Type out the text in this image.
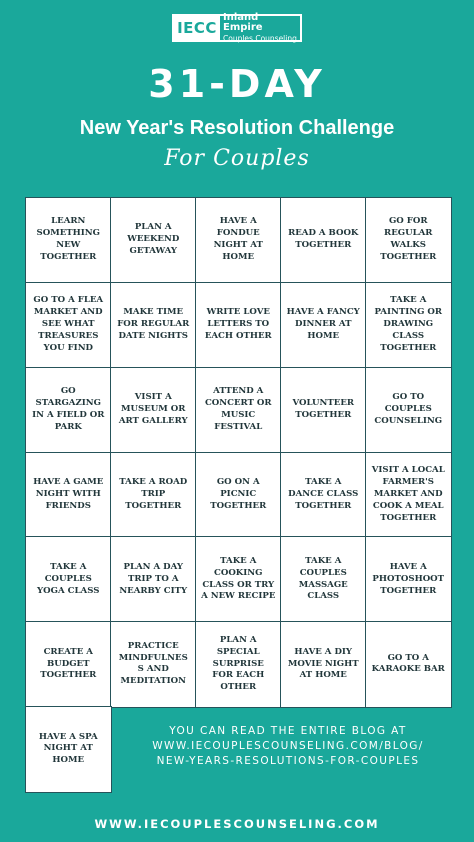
IECC
Inland Empire
Couples Counseling
31-DAY
New Year's Resolution Challenge
For Couples
LEARN SOMETHING NEW TOGETHER
PLAN A WEEKEND GETAWAY
HAVE A FONDUE NIGHT AT HOME
READ A BOOK TOGETHER
GO FOR REGULAR WALKS TOGETHER
GO TO A FLEA MARKET AND SEE WHAT TREASURES YOU FIND
MAKE TIME FOR REGULAR DATE NIGHTS
WRITE LOVE LETTERS TO EACH OTHER
HAVE A FANCY DINNER AT HOME
TAKE A PAINTING OR DRAWING CLASS TOGETHER
GO STARGAZING IN A FIELD OR PARK
VISIT A MUSEUM OR ART GALLERY
ATTEND A CONCERT OR MUSIC FESTIVAL
VOLUNTEER TOGETHER
GO TO COUPLES COUNSELING
HAVE A GAME NIGHT WITH FRIENDS
TAKE A ROAD TRIP TOGETHER
GO ON A PICNIC TOGETHER
TAKE A DANCE CLASS TOGETHER
VISIT A LOCAL FARMER'S MARKET AND COOK A MEAL TOGETHER
TAKE A COUPLES YOGA CLASS
PLAN A DAY TRIP TO A NEARBY CITY
TAKE A COOKING CLASS OR TRY A NEW RECIPE
TAKE A COUPLES MASSAGE CLASS
HAVE A PHOTOSHOOT TOGETHER
CREATE A BUDGET TOGETHER
PRACTICE MINDFULNESS AND MEDITATION
PLAN A SPECIAL SURPRISE FOR EACH OTHER
HAVE A DIY MOVIE NIGHT AT HOME
GO TO A KARAOKE BAR
HAVE A SPA NIGHT AT HOME
YOU CAN READ THE ENTIRE BLOG AT
WWW.IECOUPLESCOUNSELING.COM/BLOG/
NEW-YEARS-RESOLUTIONS-FOR-COUPLES
WWW.IECOUPLESCOUNSELING.COM
